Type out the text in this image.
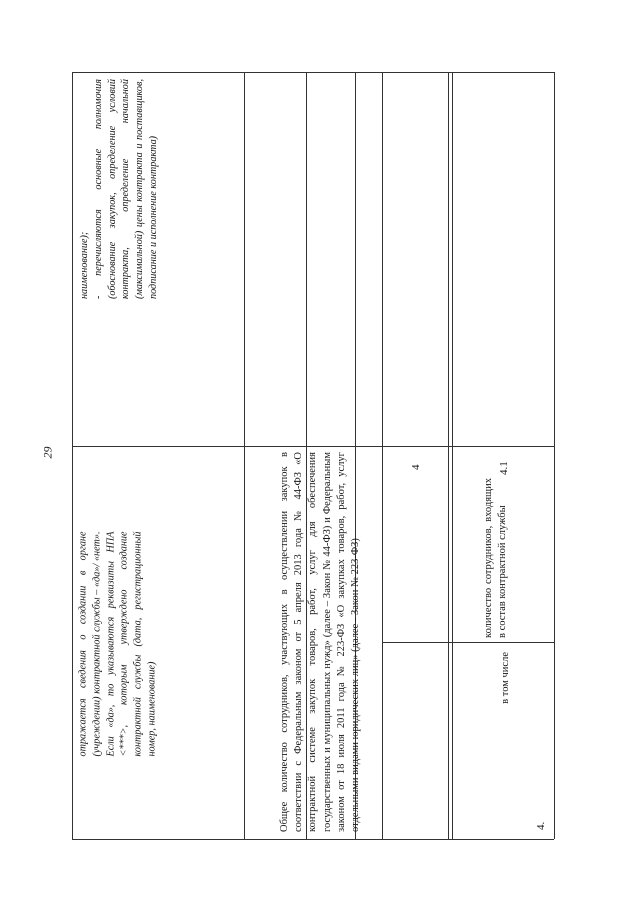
29

наименование); - перечисляются основные полномочия (обоснование закупок, определение условий контракта, определение начальной (максимальной) цены контракта и поставщиков, подписание и исполнение контракта)

отражается сведения о создании в органе (учреждении) контрактной службы – «да»/ «нет». Если «да», то указываются реквизиты НПА <***>, которым утверждено создание контрактной службы (дата, регистрационный номер, наименование)

4	4.1

Общее количество сотрудников, участвующих в осуществлении закупок в соответствии с Федеральным законом от 5 апреля 2013 года № 44-ФЗ «О контрактной системе закупок товаров, работ, услуг для обеспечения государственных и муниципальных нужд» (далее – Закон № 44-ФЗ) и Федеральным законом от 18 июля 2011 года № 223-ФЗ «О закупках товаров, работ, услуг отдельными видами юридических лиц» (далее - Закон № 223-ФЗ)	количество сотрудников, входящих в состав контрактной службы

в том числе
4.
